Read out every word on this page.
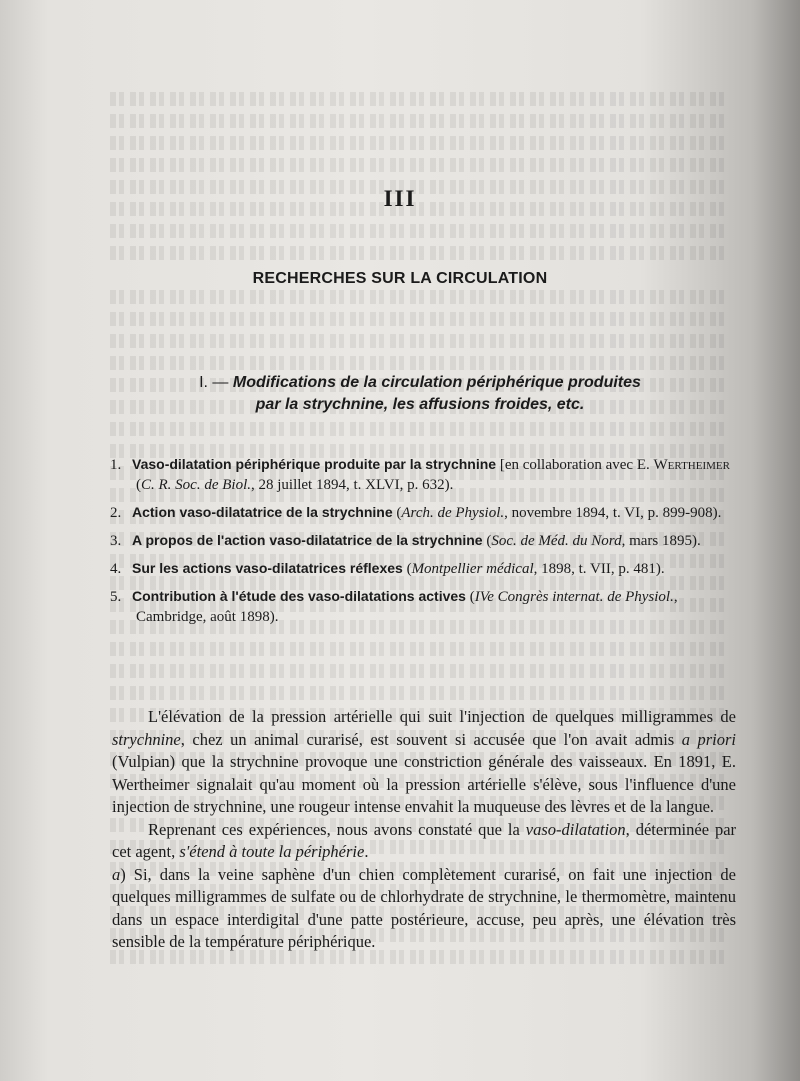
III
RECHERCHES SUR LA CIRCULATION
I. — Modifications de la circulation périphérique produites
par la strychnine, les affusions froides, etc.
1. Vaso-dilatation périphérique produite par la strychnine [en collaboration avec E. Wertheimer (C. R. Soc. de Biol., 28 juillet 1894, t. XLVI, p. 632).
2. Action vaso-dilatatrice de la strychnine (Arch. de Physiol., novembre 1894, t. VI, p. 899-908).
3. A propos de l'action vaso-dilatatrice de la strychnine (Soc. de Méd. du Nord, mars 1895).
4. Sur les actions vaso-dilatatrices réflexes (Montpellier médical, 1898, t. VII, p. 481).
5. Contribution à l'étude des vaso-dilatations actives (IVe Congrès internat. de Physiol., Cambridge, août 1898).

L'élévation de la pression artérielle qui suit l'injection de quelques milligrammes de strychnine, chez un animal curarisé, est souvent si accusée que l'on avait admis a priori (Vulpian) que la strychnine provoque une constriction générale des vaisseaux. En 1891, E. Wertheimer signalait qu'au moment où la pression artérielle s'élève, sous l'influence d'une injection de strychnine, une rougeur intense envahit la muqueuse des lèvres et de la langue.

Reprenant ces expériences, nous avons constaté que la vaso-dilatation, déterminée par cet agent, s'étend à toute la périphérie.

a) Si, dans la veine saphène d'un chien complètement curarisé, on fait une injection de quelques milligrammes de sulfate ou de chlorhydrate de strychnine, le thermomètre, maintenu dans un espace interdigital d'une patte postérieure, accuse, peu après, une élévation très sensible de la température périphérique.
